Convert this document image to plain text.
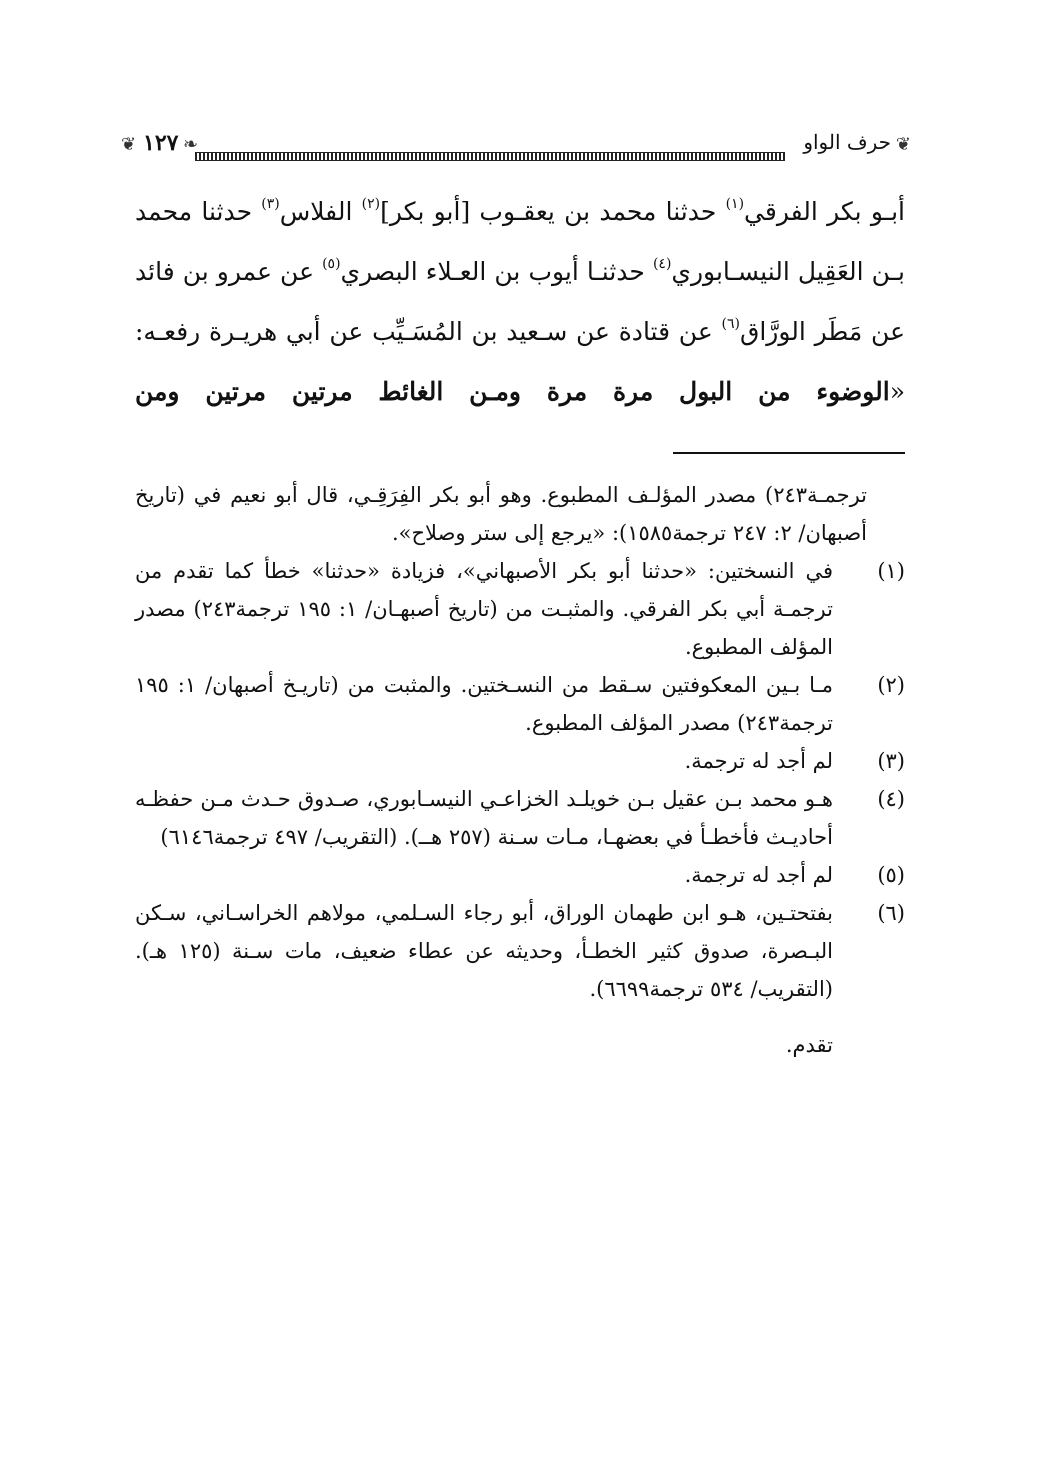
❦
حرف الواو
❧
١٢٧
❦
أبـو بكر الفرقي$^{(١)}$ حدثنا محمد بن يعقـوب [أبو بكر]$^{(٢)}$ الفلاس$^{(٣)}$ حدثنا محمد بـن العَقِيل النيسـابوري$^{(٤)}$ حدثنـا أيوب بن العـلاء البصري$^{(٥)}$ عن عمرو بن فائد عن مَطَر الورَّاق$^{(٦)}$ عن قتادة عن سـعيد بن المُسَـيِّب عن أبي هريـرة رفعـه: «الوضوء من البول مرة مرة ومـن الغائط مرتين مرتين ومن
ترجمـة٢٤٣) مصدر المؤلـف المطبوع. وهو أبو بكر الفِرَقِـي، قال أبو نعيم في (تاريخ أصبهان/ ٢: ٢٤٧ ترجمة١٥٨٥): «يرجع إلى ستر وصلاح».
(١)
في النسختين: «حدثنا أبو بكر الأصبهاني»، فزيادة «حدثنا» خطأ كما تقدم من ترجمـة أبي بكر الفرقي. والمثبـت من (تاريخ أصبهـان/ ١: ١٩٥ ترجمة٢٤٣) مصدر المؤلف المطبوع.
(٢)
مـا بـين المعكوفتين سـقط من النسـختين. والمثبت من (تاريـخ أصبهان/ ١: ١٩٥ ترجمة٢٤٣) مصدر المؤلف المطبوع.
(٣)
لم أجد له ترجمة.
(٤)
هـو محمد بـن عقيل بـن خويلـد الخزاعـي النيسـابوري، صـدوق حـدث مـن حفظـه أحاديـث فأخطـأ في بعضهـا، مـات سـنة (٢٥٧ هــ). (التقريب/ ٤٩٧ ترجمة٦١٤٦)
(٥)
لم أجد له ترجمة.
(٦)
بفتحتـين، هـو ابن طهمان الوراق، أبو رجاء السـلمي، مولاهم الخراسـاني، سـكن البـصرة، صدوق كثير الخطـأ، وحديثه عن عطاء ضعيف، مات سـنة (١٢٥ هـ). (التقريب/ ٥٣٤ ترجمة٦٦٩٩).
تقدم.
